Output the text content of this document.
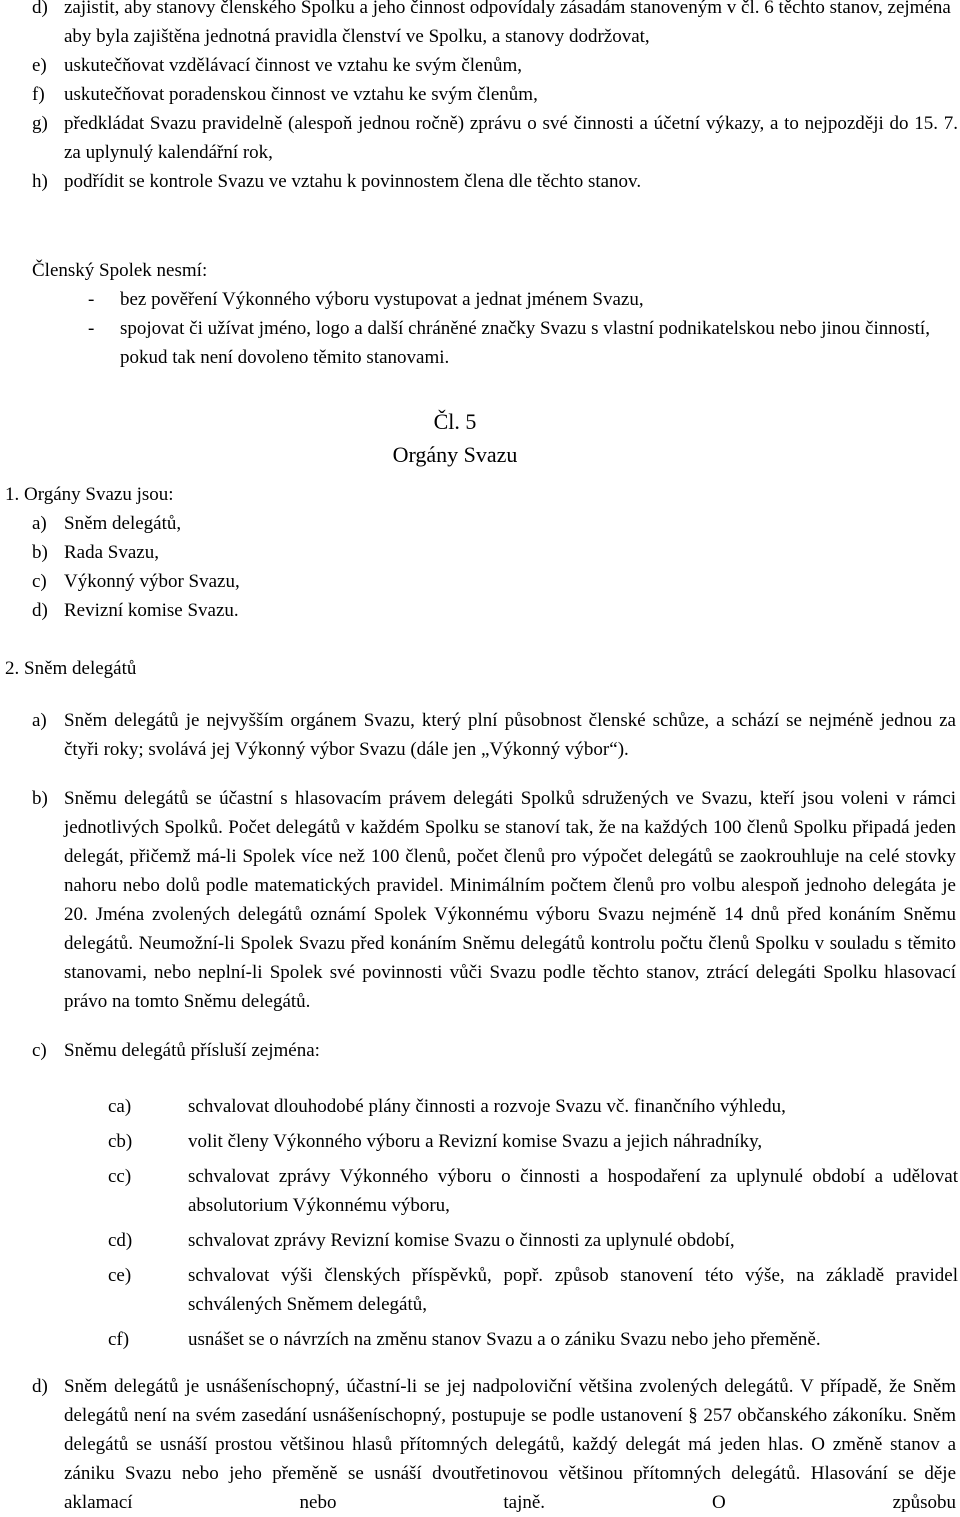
d) zajistit, aby stanovy členského Spolku a jeho činnost odpovídaly zásadám stanoveným v čl. 6 těchto stanov, zejména aby byla zajištěna jednotná pravidla členství ve Spolku, a stanovy dodržovat,
e) uskutečňovat vzdělávací činnost ve vztahu ke svým členům,
f)	uskutečňovat poradenskou činnost ve vztahu ke svým členům,
g) předkládat Svazu pravidelně (alespoň jednou ročně) zprávu o své činnosti a účetní výkazy, a to nejpozději do 15. 7. za uplynulý kalendářní rok,
h) podřídit se kontrole Svazu ve vztahu k povinnostem člena dle těchto stanov.
Členský Spolek nesmí:
-	bez pověření Výkonného výboru vystupovat a jednat jménem Svazu,
-	spojovat či užívat jméno, logo a další chráněné značky Svazu s vlastní podnikatelskou nebo jinou činností, pokud tak není dovoleno těmito stanovami.
Čl. 5
Orgány Svazu
1. Orgány Svazu jsou:
a) Sněm delegátů,
b) Rada Svazu,
c) Výkonný výbor Svazu,
d) Revizní komise Svazu.
2. Sněm delegátů
a) Sněm delegátů je nejvyšším orgánem Svazu, který plní působnost členské schůze, a schází se nejméně jednou za čtyři roky; svolává jej Výkonný výbor Svazu (dále jen „Výkonný výbor“).
b) Sněmu delegátů se účastní s hlasovacím právem delegáti Spolků sdružených ve Svazu, kteří jsou voleni v rámci jednotlivých Spolků. Počet delegátů v každém Spolku se stanoví tak, že na každých 100 členů Spolku připadá jeden delegát, přičemž má-li Spolek více než 100 členů, počet členů pro výpočet delegátů se zaokrouhluje na celé stovky nahoru nebo dolů podle matematických pravidel. Minimálním počtem členů pro volbu alespoň jednoho delegáta je 20. Jména zvolených delegátů oznámí Spolek Výkonnému výboru Svazu nejméně 14 dnů před konáním Sněmu delegátů. Neumožní-li Spolek Svazu před konáním Sněmu delegátů kontrolu počtu členů Spolku v souladu s těmito stanovami, nebo neplní-li Spolek své povinnosti vůči Svazu podle těchto stanov, ztrácí delegáti Spolku hlasovací právo na tomto Sněmu delegátů.
c) Sněmu delegátů přísluší zejména:
ca)	schvalovat dlouhodobé plány činnosti a rozvoje Svazu vč. finančního výhledu,
cb)	volit členy Výkonného výboru a Revizní komise Svazu a jejich náhradníky,
cc)	schvalovat zprávy Výkonného výboru o činnosti a hospodaření za uplynulé období a udělovat absolutorium Výkonnému výboru,
cd)	schvalovat zprávy Revizní komise Svazu o činnosti za uplynulé období,
ce)	schvalovat výši členských příspěvků, popř. způsob stanovení této výše, na základě pravidel schválených Sněmem delegátů,
cf)	usnášet se o návrzích na změnu stanov Svazu a o zániku Svazu nebo jeho přeměně.
d) Sněm delegátů je usnášeníschopný, účastní-li se jej nadpoloviční většina zvolených delegátů. V případě, že Sněm delegátů není na svém zasedání usnášeníschopný, postupuje se podle ustanovení § 257 občanského zákoníku. Sněm delegátů se usnáší prostou většinou hlasů přítomných delegátů, každý delegát má jeden hlas. O změně stanov a zániku Svazu nebo jeho přeměně se usnáší dvoutřetinovou většinou přítomných delegátů. Hlasování se děje aklamací nebo tajně. O způsobu
